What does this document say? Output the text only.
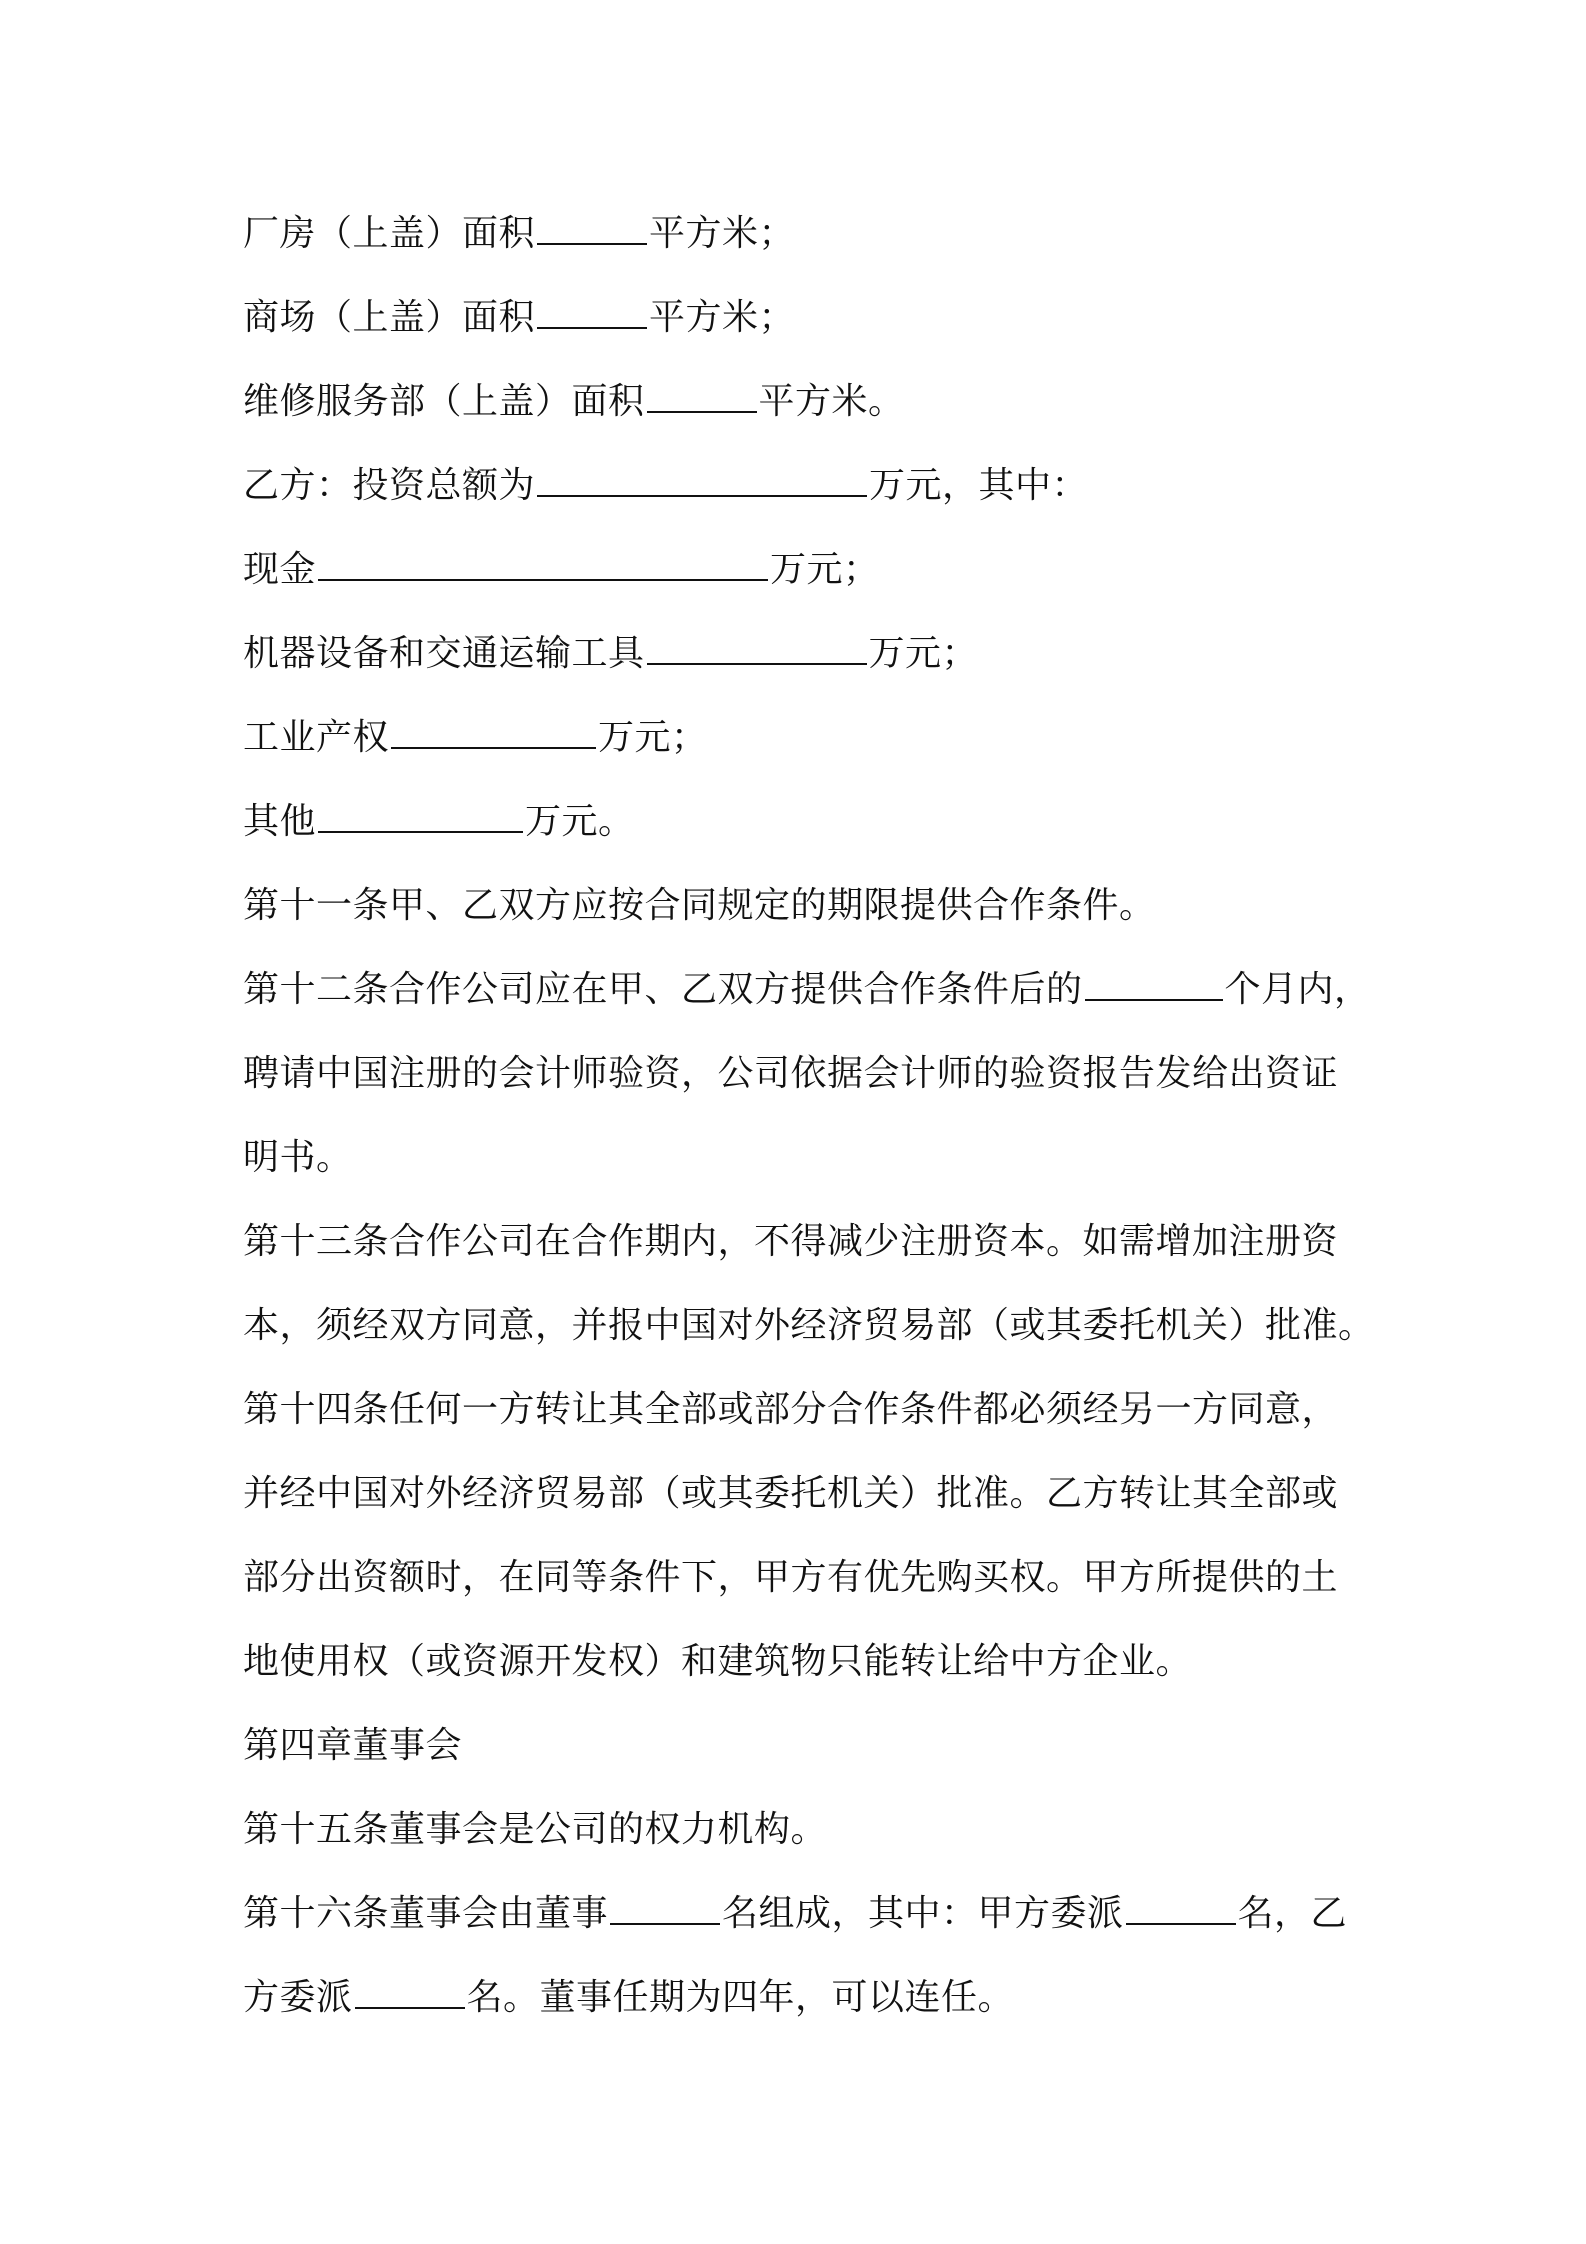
厂房（上盖）面积	平方米；
商场（上盖）面积	平方米；
维修服务部（上盖）面积	平方米。
乙方：投资总额为	万元，其中：
现金	万元；
机器设备和交通运输工具	万元；
工业产权	万元；
其他	万元。
第十一条甲、乙双方应按合同规定的期限提供合作条件。
第十二条合作公司应在甲、乙双方提供合作条件后的	个月内，
聘请中国注册的会计师验资，公司依据会计师的验资报告发给出资证
明书。
第十三条合作公司在合作期内，不得减少注册资本。如需增加注册资
本，须经双方同意，并报中国对外经济贸易部（或其委托机关）批准。
第十四条任何一方转让其全部或部分合作条件都必须经另一方同意，
并经中国对外经济贸易部（或其委托机关）批准。乙方转让其全部或
部分出资额时，在同等条件下，甲方有优先购买权。甲方所提供的土
地使用权（或资源开发权）和建筑物只能转让给中方企业。
第四章董事会
第十五条董事会是公司的权力机构。
第十六条董事会由董事	名组成，其中：甲方委派	名，乙
方委派	名。董事任期为四年，可以连任。
